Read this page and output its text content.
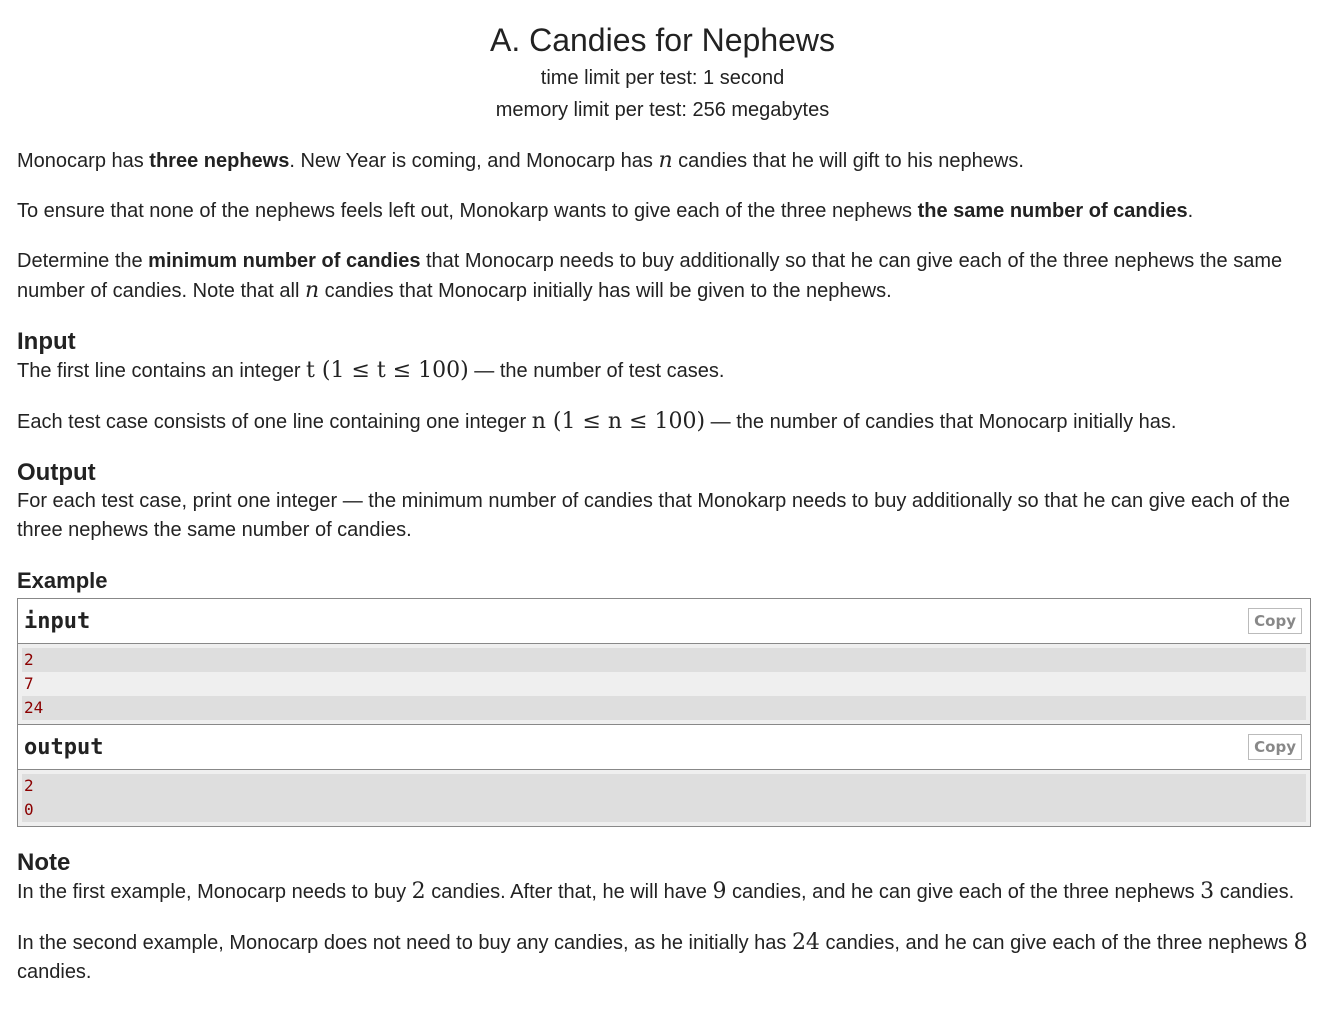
A. Candies for Nephews
time limit per test: 1 second
memory limit per test: 256 megabytes

Monocarp has three nephews. New Year is coming, and Monocarp has n candies that he will gift to his nephews.

To ensure that none of the nephews feels left out, Monokarp wants to give each of the three nephews the same number of candies.

Determine the minimum number of candies that Monocarp needs to buy additionally so that he can give each of the three nephews the same number of candies. Note that all n candies that Monocarp initially has will be given to the nephews.

Input

The first line contains an integer t (1 ≤ t ≤ 100) — the number of test cases.

Each test case consists of one line containing one integer n (1 ≤ n ≤ 100) — the number of candies that Monocarp initially has.

Output

For each test case, print one integer — the minimum number of candies that Monokarp needs to buy additionally so that he can give each of the three nephews the same number of candies.

Example
input	Copy
2
7
24
output	Copy
2
0
Note

In the first example, Monocarp needs to buy 2 candies. After that, he will have 9 candies, and he can give each of the three nephews 3 candies.

In the second example, Monocarp does not need to buy any candies, as he initially has 24 candies, and he can give each of the three nephews 8 candies.
